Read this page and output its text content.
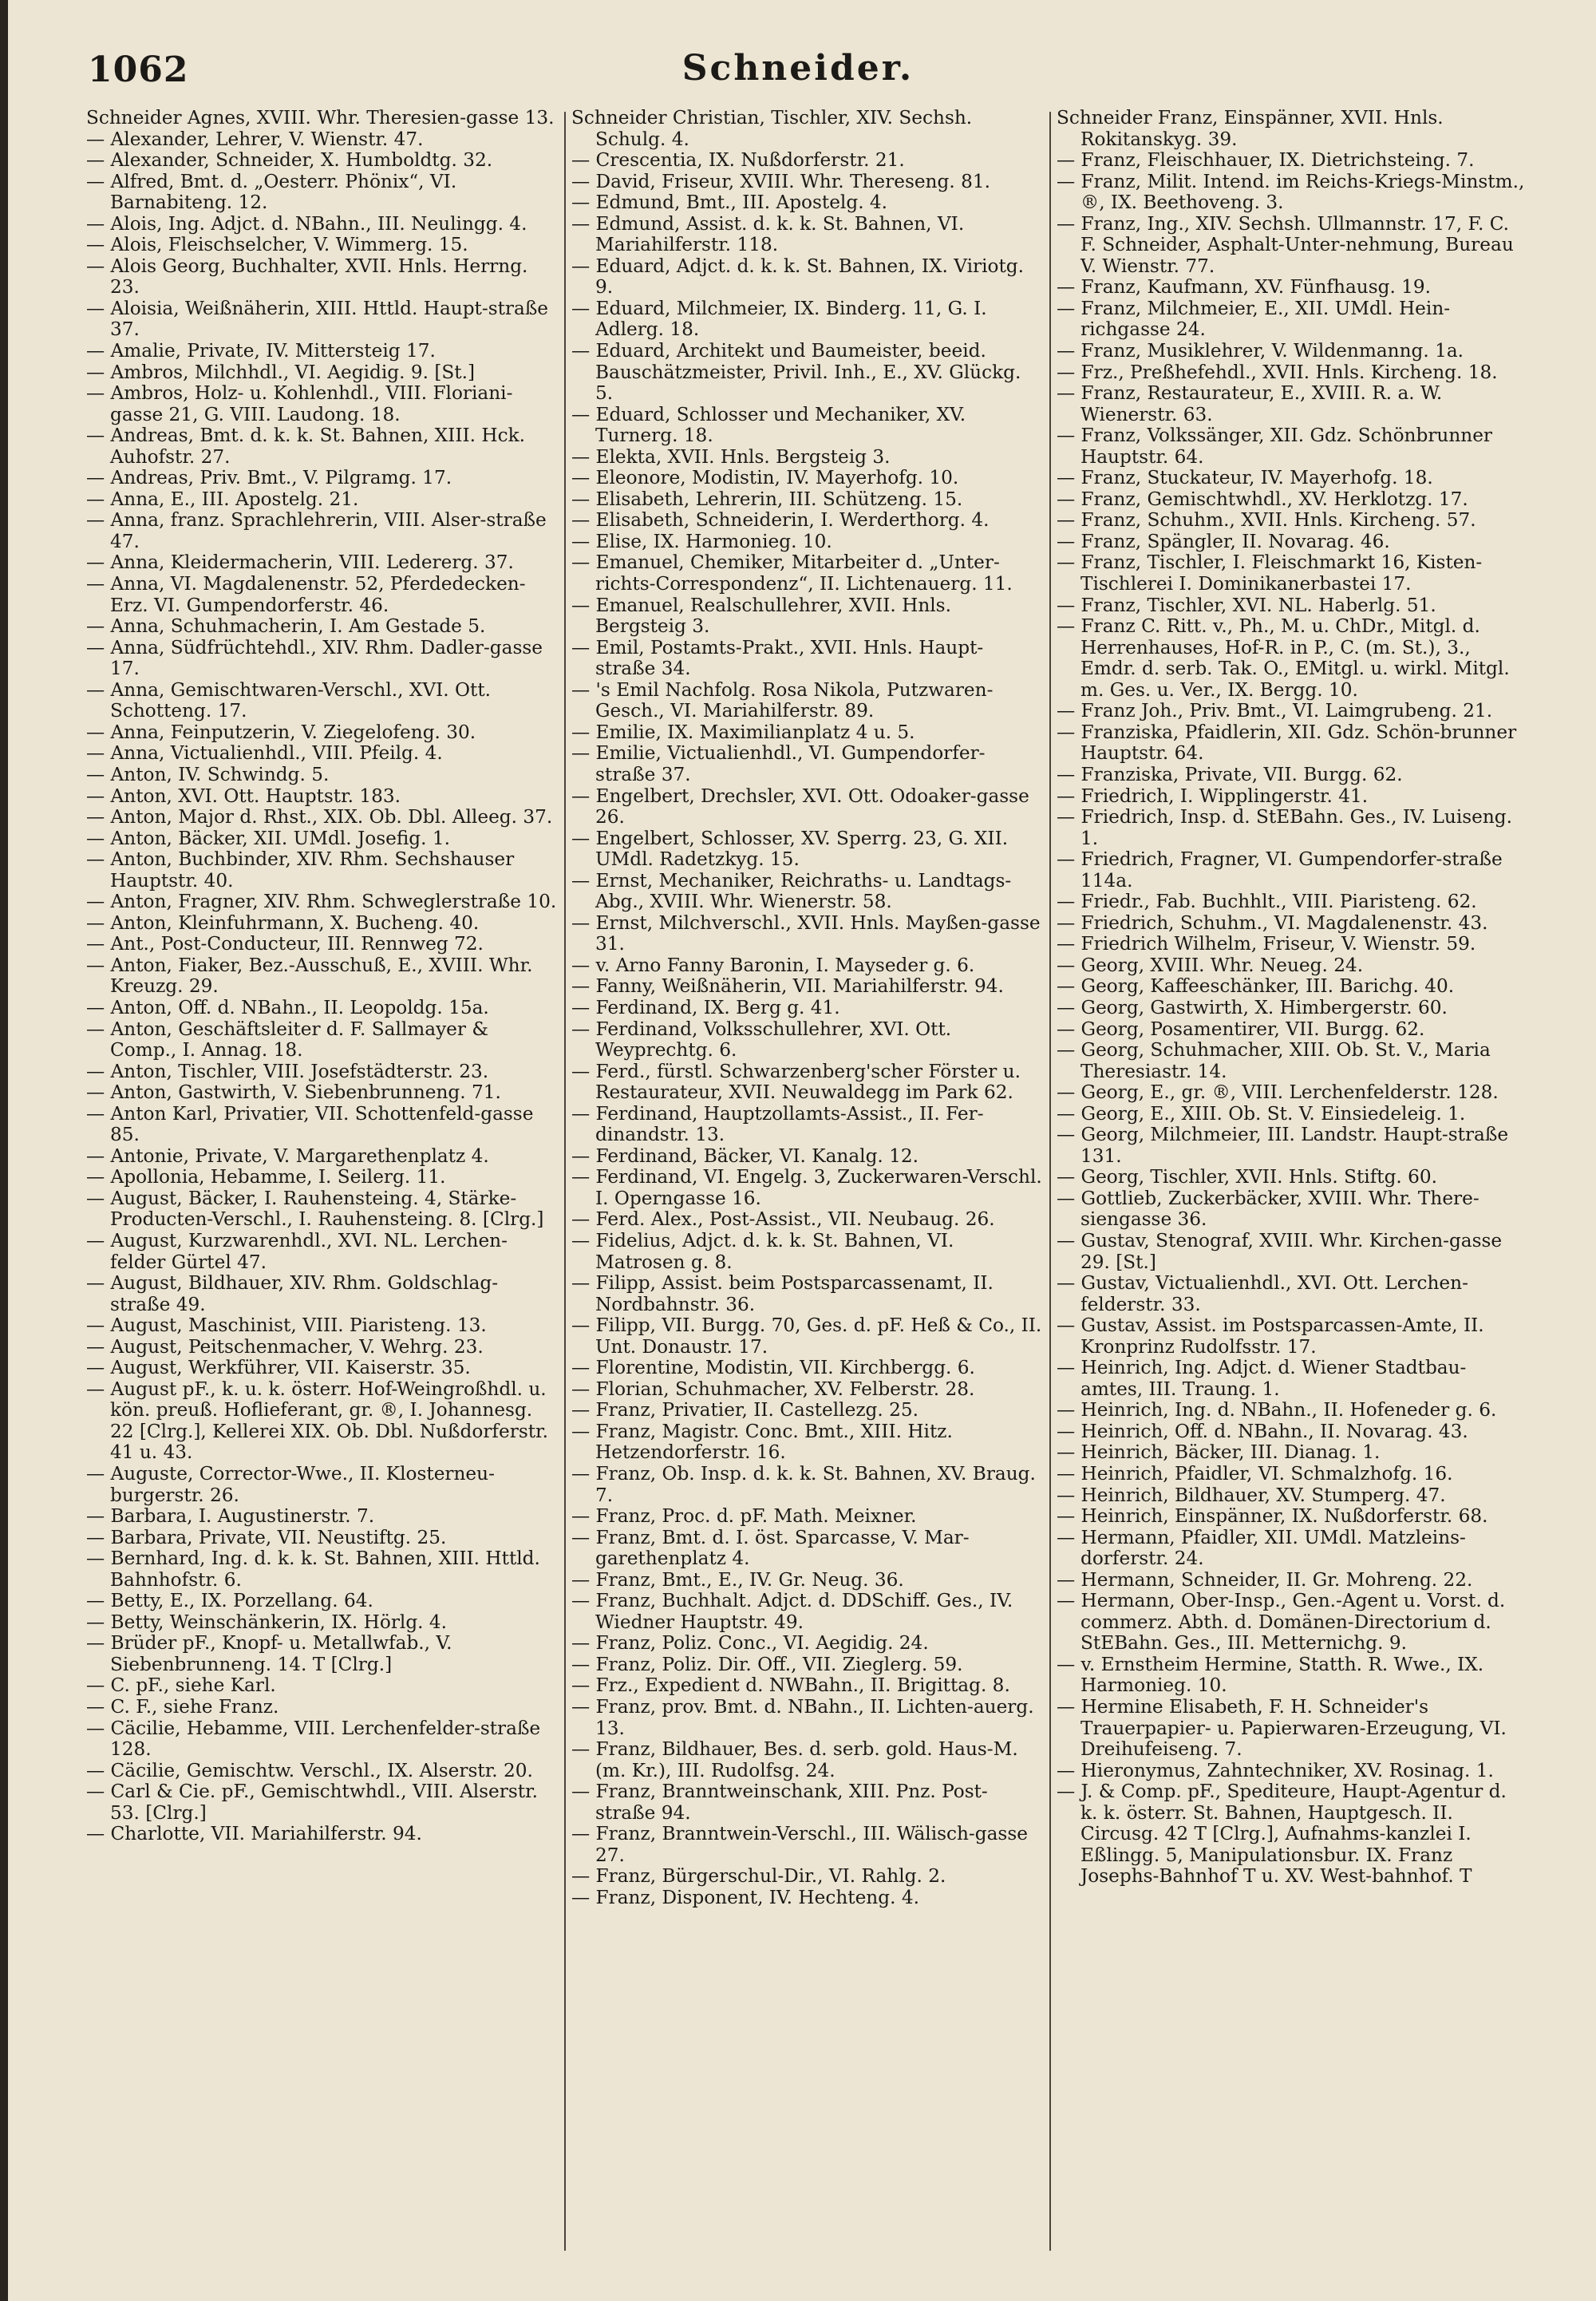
1062	Schneider.

Schneider Agnes, XVIII. Whr. Theresien-gasse 13.

— Alexander, Lehrer, V. Wienstr. 47.

— Alexander, Schneider, X. Humboldtg. 32.

— Alfred, Bmt. d. „Oesterr. Phönix“, VI. Barnabiteng. 12.

— Alois, Ing. Adjct. d. NBahn., III. Neulingg. 4.

— Alois, Fleischselcher, V. Wimmerg. 15.

— Alois Georg, Buchhalter, XVII. Hnls. Herrng. 23.

— Aloisia, Weißnäherin, XIII. Httld. Haupt-straße 37.

— Amalie, Private, IV. Mittersteig 17.

— Ambros, Milchhdl., VI. Aegidig. 9. [St.]

— Ambros, Holz- u. Kohlenhdl., VIII. Floriani-gasse 21, G. VIII. Laudong. 18.

— Andreas, Bmt. d. k. k. St. Bahnen, XIII. Hck. Auhofstr. 27.

— Andreas, Priv. Bmt., V. Pilgramg. 17.

— Anna, E., III. Apostelg. 21.

— Anna, franz. Sprachlehrerin, VIII. Alser-straße 47.

— Anna, Kleidermacherin, VIII. Ledererg. 37.

— Anna, VI. Magdalenenstr. 52, Pferdedecken-Erz. VI. Gumpendorferstr. 46.

— Anna, Schuhmacherin, I. Am Gestade 5.

— Anna, Südfrüchtehdl., XIV. Rhm. Dadler-gasse 17.

— Anna, Gemischtwaren-Verschl., XVI. Ott. Schotteng. 17.

— Anna, Feinputzerin, V. Ziegelofeng. 30.

— Anna, Victualienhdl., VIII. Pfeilg. 4.

— Anton, IV. Schwindg. 5.

— Anton, XVI. Ott. Hauptstr. 183.

— Anton, Major d. Rhst., XIX. Ob. Dbl. Alleeg. 37.

— Anton, Bäcker, XII. UMdl. Josefig. 1.

— Anton, Buchbinder, XIV. Rhm. Sechshauser Hauptstr. 40.

— Anton, Fragner, XIV. Rhm. Schweglerstraße 10.

— Anton, Kleinfuhrmann, X. Bucheng. 40.

— Ant., Post-Conducteur, III. Rennweg 72.

— Anton, Fiaker, Bez.-Ausschuß, E., XVIII. Whr. Kreuzg. 29.

— Anton, Off. d. NBahn., II. Leopoldg. 15a.

— Anton, Geschäftsleiter d. F. Sallmayer & Comp., I. Annag. 18.

— Anton, Tischler, VIII. Josefstädterstr. 23.

— Anton, Gastwirth, V. Siebenbrunneng. 71.

— Anton Karl, Privatier, VII. Schottenfeld-gasse 85.

— Antonie, Private, V. Margarethenplatz 4.

— Apollonia, Hebamme, I. Seilerg. 11.

— August, Bäcker, I. Rauhensteing. 4, Stärke-Producten-Verschl., I. Rauhensteing. 8. [Clrg.]

— August, Kurzwarenhdl., XVI. NL. Lerchen-felder Gürtel 47.

— August, Bildhauer, XIV. Rhm. Goldschlag-straße 49.

— August, Maschinist, VIII. Piaristeng. 13.

— August, Peitschenmacher, V. Wehrg. 23.

— August, Werkführer, VII. Kaiserstr. 35.

— August pF., k. u. k. österr. Hof-Weingroßhdl. u. kön. preuß. Hoflieferant, gr. ®, I. Johannesg. 22 [Clrg.], Kellerei XIX. Ob. Dbl. Nußdorferstr. 41 u. 43.

— Auguste, Corrector-Wwe., II. Klosterneu-burgerstr. 26.

— Barbara, I. Augustinerstr. 7.

— Barbara, Private, VII. Neustiftg. 25.

— Bernhard, Ing. d. k. k. St. Bahnen, XIII. Httld. Bahnhofstr. 6.

— Betty, E., IX. Porzellang. 64.

— Betty, Weinschänkerin, IX. Hörlg. 4.

— Brüder pF., Knopf- u. Metallwfab., V. Siebenbrunneng. 14. T [Clrg.]

— C. pF., siehe Karl.

— C. F., siehe Franz.

— Cäcilie, Hebamme, VIII. Lerchenfelder-straße 128.

— Cäcilie, Gemischtw. Verschl., IX. Alserstr. 20.

— Carl & Cie. pF., Gemischtwhdl., VIII. Alserstr. 53. [Clrg.]

— Charlotte, VII. Mariahilferstr. 94.

Schneider Christian, Tischler, XIV. Sechsh. Schulg. 4.

— Crescentia, IX. Nußdorferstr. 21.

— David, Friseur, XVIII. Whr. Thereseng. 81.

— Edmund, Bmt., III. Apostelg. 4.

— Edmund, Assist. d. k. k. St. Bahnen, VI. Mariahilferstr. 118.

— Eduard, Adjct. d. k. k. St. Bahnen, IX. Viriotg. 9.

— Eduard, Milchmeier, IX. Binderg. 11, G. I. Adlerg. 18.

— Eduard, Architekt und Baumeister, beeid. Bauschätzmeister, Privil. Inh., E., XV. Glückg. 5.

— Eduard, Schlosser und Mechaniker, XV. Turnerg. 18.

— Elekta, XVII. Hnls. Bergsteig 3.

— Eleonore, Modistin, IV. Mayerhofg. 10.

— Elisabeth, Lehrerin, III. Schützeng. 15.

— Elisabeth, Schneiderin, I. Werderthorg. 4.

— Elise, IX. Harmonieg. 10.

— Emanuel, Chemiker, Mitarbeiter d. „Unter-richts-Correspondenz“, II. Lichtenauerg. 11.

— Emanuel, Realschullehrer, XVII. Hnls. Bergsteig 3.

— Emil, Postamts-Prakt., XVII. Hnls. Haupt-straße 34.

— 's Emil Nachfolg. Rosa Nikola, Putzwaren-Gesch., VI. Mariahilferstr. 89.

— Emilie, IX. Maximilianplatz 4 u. 5.

— Emilie, Victualienhdl., VI. Gumpendorfer-straße 37.

— Engelbert, Drechsler, XVI. Ott. Odoaker-gasse 26.

— Engelbert, Schlosser, XV. Sperrg. 23, G. XII. UMdl. Radetzkyg. 15.

— Ernst, Mechaniker, Reichraths- u. Landtags-Abg., XVIII. Whr. Wienerstr. 58.

— Ernst, Milchverschl., XVII. Hnls. Mayßen-gasse 31.

— v. Arno Fanny Baronin, I. Mayseder g. 6.

— Fanny, Weißnäherin, VII. Mariahilferstr. 94.

— Ferdinand, IX. Berg g. 41.

— Ferdinand, Volksschullehrer, XVI. Ott. Weyprechtg. 6.

— Ferd., fürstl. Schwarzenberg'scher Förster u. Restaurateur, XVII. Neuwaldegg im Park 62.

— Ferdinand, Hauptzollamts-Assist., II. Fer-dinandstr. 13.

— Ferdinand, Bäcker, VI. Kanalg. 12.

— Ferdinand, VI. Engelg. 3, Zuckerwaren-Verschl. I. Operngasse 16.

— Ferd. Alex., Post-Assist., VII. Neubaug. 26.

— Fidelius, Adjct. d. k. k. St. Bahnen, VI. Matrosen g. 8.

— Filipp, Assist. beim Postsparcassenamt, II. Nordbahnstr. 36.

— Filipp, VII. Burgg. 70, Ges. d. pF. Heß & Co., II. Unt. Donaustr. 17.

— Florentine, Modistin, VII. Kirchbergg. 6.

— Florian, Schuhmacher, XV. Felberstr. 28.

— Franz, Privatier, II. Castellezg. 25.

— Franz, Magistr. Conc. Bmt., XIII. Hitz. Hetzendorferstr. 16.

— Franz, Ob. Insp. d. k. k. St. Bahnen, XV. Braug. 7.

— Franz, Proc. d. pF. Math. Meixner.

— Franz, Bmt. d. I. öst. Sparcasse, V. Mar-garethenplatz 4.

— Franz, Bmt., E., IV. Gr. Neug. 36.

— Franz, Buchhalt. Adjct. d. DDSchiff. Ges., IV. Wiedner Hauptstr. 49.

— Franz, Poliz. Conc., VI. Aegidig. 24.

— Franz, Poliz. Dir. Off., VII. Zieglerg. 59.

— Frz., Expedient d. NWBahn., II. Brigittag. 8.

— Franz, prov. Bmt. d. NBahn., II. Lichten-auerg. 13.

— Franz, Bildhauer, Bes. d. serb. gold. Haus-M. (m. Kr.), III. Rudolfsg. 24.

— Franz, Branntweinschank, XIII. Pnz. Post-straße 94.

— Franz, Branntwein-Verschl., III. Wälisch-gasse 27.

— Franz, Bürgerschul-Dir., VI. Rahlg. 2.

— Franz, Disponent, IV. Hechteng. 4.

Schneider Franz, Einspänner, XVII. Hnls. Rokitanskyg. 39.

— Franz, Fleischhauer, IX. Dietrichsteing. 7.

— Franz, Milit. Intend. im Reichs-Kriegs-Minstm., ®, IX. Beethoveng. 3.

— Franz, Ing., XIV. Sechsh. Ullmannstr. 17, F. C. F. Schneider, Asphalt-Unter-nehmung, Bureau V. Wienstr. 77.

— Franz, Kaufmann, XV. Fünfhausg. 19.

— Franz, Milchmeier, E., XII. UMdl. Hein-richgasse 24.

— Franz, Musiklehrer, V. Wildenmanng. 1a.

— Frz., Preßhefehdl., XVII. Hnls. Kircheng. 18.

— Franz, Restaurateur, E., XVIII. R. a. W. Wienerstr. 63.

— Franz, Volkssänger, XII. Gdz. Schönbrunner Hauptstr. 64.

— Franz, Stuckateur, IV. Mayerhofg. 18.

— Franz, Gemischtwhdl., XV. Herklotzg. 17.

— Franz, Schuhm., XVII. Hnls. Kircheng. 57.

— Franz, Spängler, II. Novarag. 46.

— Franz, Tischler, I. Fleischmarkt 16, Kisten-Tischlerei I. Dominikanerbastei 17.

— Franz, Tischler, XVI. NL. Haberlg. 51.

— Franz C. Ritt. v., Ph., M. u. ChDr., Mitgl. d. Herrenhauses, Hof-R. in P., C. (m. St.), 3., Emdr. d. serb. Tak. O., EMitgl. u. wirkl. Mitgl. m. Ges. u. Ver., IX. Bergg. 10.

— Franz Joh., Priv. Bmt., VI. Laimgrubeng. 21.

— Franziska, Pfaidlerin, XII. Gdz. Schön-brunner Hauptstr. 64.

— Franziska, Private, VII. Burgg. 62.

— Friedrich, I. Wipplingerstr. 41.

— Friedrich, Insp. d. StEBahn. Ges., IV. Luiseng. 1.

— Friedrich, Fragner, VI. Gumpendorfer-straße 114a.

— Friedr., Fab. Buchhlt., VIII. Piaristeng. 62.

— Friedrich, Schuhm., VI. Magdalenenstr. 43.

— Friedrich Wilhelm, Friseur, V. Wienstr. 59.

— Georg, XVIII. Whr. Neueg. 24.

— Georg, Kaffeeschänker, III. Barichg. 40.

— Georg, Gastwirth, X. Himbergerstr. 60.

— Georg, Posamentirer, VII. Burgg. 62.

— Georg, Schuhmacher, XIII. Ob. St. V., Maria Theresiastr. 14.

— Georg, E., gr. ®, VIII. Lerchenfelderstr. 128.

— Georg, E., XIII. Ob. St. V. Einsiedeleig. 1.

— Georg, Milchmeier, III. Landstr. Haupt-straße 131.

— Georg, Tischler, XVII. Hnls. Stiftg. 60.

— Gottlieb, Zuckerbäcker, XVIII. Whr. There-siengasse 36.

— Gustav, Stenograf, XVIII. Whr. Kirchen-gasse 29. [St.]

— Gustav, Victualienhdl., XVI. Ott. Lerchen-felderstr. 33.

— Gustav, Assist. im Postsparcassen-Amte, II. Kronprinz Rudolfsstr. 17.

— Heinrich, Ing. Adjct. d. Wiener Stadtbau-amtes, III. Traung. 1.

— Heinrich, Ing. d. NBahn., II. Hofeneder g. 6.

— Heinrich, Off. d. NBahn., II. Novarag. 43.

— Heinrich, Bäcker, III. Dianag. 1.

— Heinrich, Pfaidler, VI. Schmalzhofg. 16.

— Heinrich, Bildhauer, XV. Stumperg. 47.

— Heinrich, Einspänner, IX. Nußdorferstr. 68.

— Hermann, Pfaidler, XII. UMdl. Matzleins-dorferstr. 24.

— Hermann, Schneider, II. Gr. Mohreng. 22.

— Hermann, Ober-Insp., Gen.-Agent u. Vorst. d. commerz. Abth. d. Domänen-Directorium d. StEBahn. Ges., III. Metternichg. 9.

— v. Ernstheim Hermine, Statth. R. Wwe., IX. Harmonieg. 10.

— Hermine Elisabeth, F. H. Schneider's Trauerpapier- u. Papierwaren-Erzeugung, VI. Dreihufeiseng. 7.

— Hieronymus, Zahntechniker, XV. Rosinag. 1.

— J. & Comp. pF., Spediteure, Haupt-Agentur d. k. k. österr. St. Bahnen, Hauptgesch. II. Circusg. 42 T [Clrg.], Aufnahms-kanzlei I. Eßlingg. 5, Manipulationsbur. IX. Franz Josephs-Bahnhof T u. XV. West-bahnhof. T
